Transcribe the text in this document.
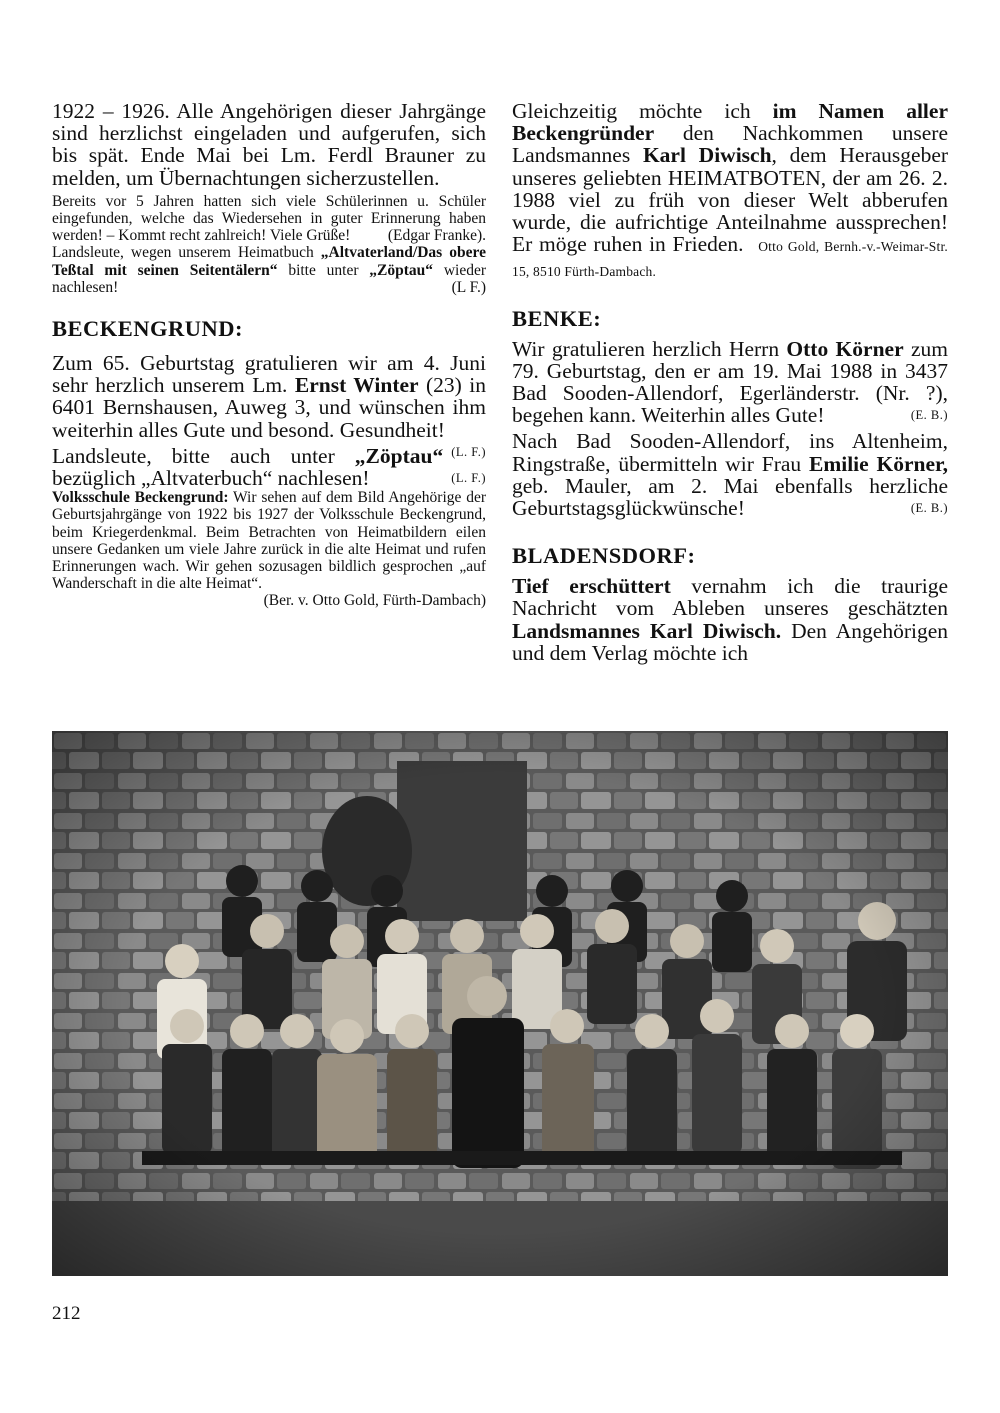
1922 – 1926. Alle Angehörigen dieser Jahrgänge sind herzlichst eingeladen und aufgerufen, sich bis spät. Ende Mai bei Lm. Ferdl Brauner zu melden, um Übernachtungen sicherzustellen.

Bereits vor 5 Jahren hatten sich viele Schülerinnen u. Schüler eingefunden, welche das Wiedersehen in guter Erinnerung haben werden! – Kommt recht zahlreich! Viele Grüße! (Edgar Franke).

Landsleute, wegen unserem Heimatbuch „Altvaterland/Das obere Teßtal mit seinen Seitentälern“ bitte unter „Zöptau“ wieder nachlesen!	(L F.)

BECKENGRUND:

Zum 65. Geburtstag gratulieren wir am 4. Juni sehr herzlich unserem Lm. Ernst Winter (23) in 6401 Bernshausen, Auweg 3, und wünschen ihm weiterhin alles Gute und besond. Gesundheit!
(L. F.)

Landsleute, bitte auch unter „Zöptau“ bezüglich „Altvaterbuch“ nachlesen!	(L. F.)

Volksschule Beckengrund: Wir sehen auf dem Bild Angehörige der Geburtsjahrgänge von 1922 bis 1927 der Volksschule Beckengrund, beim Kriegerdenkmal. Beim Betrachten von Heimatbildern eilen unsere Gedanken um viele Jahre zurück in die alte Heimat und rufen Erinnerungen wach. Wir gehen sozusagen bildlich gesprochen „auf Wanderschaft in die alte Heimat“.

(Ber. v. Otto Gold, Fürth-Dambach)

Gleichzeitig möchte ich im Namen aller Beckengründer den Nachkommen unsere Landsmannes Karl Diwisch, dem Herausgeber unseres geliebten HEIMATBOTEN, der am 26. 2. 1988 viel zu früh von dieser Welt abberufen wurde, die aufrichtige Anteilnahme aussprechen! Er möge ruhen in Frieden. Otto Gold, Bernh.-v.-Weimar-Str. 15, 8510 Fürth-Dambach.

BENKE:

Wir gratulieren herzlich Herrn Otto Körner zum 79. Geburtstag, den er am 19. Mai 1988 in 3437 Bad Sooden-Allendorf, Egerländerstr. (Nr. ?), begehen kann. Weiterhin alles Gute!	(E. B.)

Nach Bad Sooden-Allendorf, ins Altenheim, Ringstraße, übermitteln wir Frau Emilie Körner, geb. Mauler, am 2. Mai ebenfalls herzliche Geburtstagsglückwünsche!	(E. B.)

BLADENSDORF:

Tief erschüttert vernahm ich die traurige Nachricht vom Ableben unseres geschätzten Landsmannes Karl Diwisch. Den Angehörigen und dem Verlag möchte ich

212
